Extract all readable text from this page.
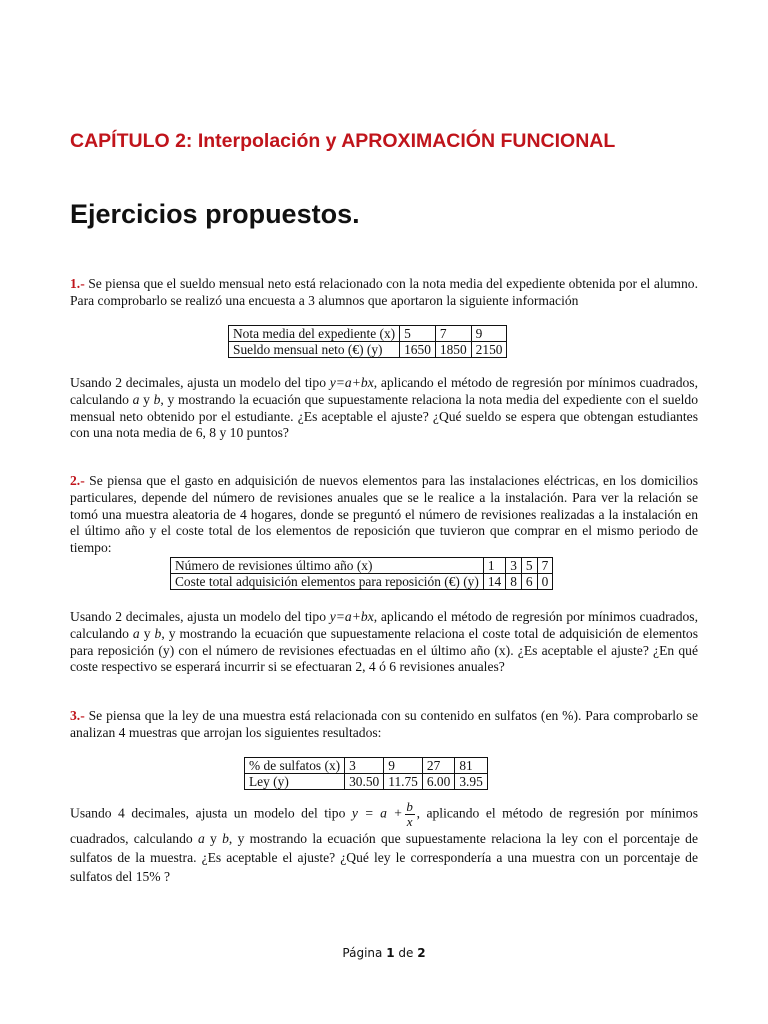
CAPÍTULO 2: Interpolación y APROXIMACIÓN FUNCIONAL
Ejercicios propuestos.

1.- Se piensa que el sueldo mensual neto está relacionado con la nota media del expediente obtenida por el alumno. Para comprobarlo se realizó una encuesta a 3 alumnos que aportaron la siguiente información

Nota media del expediente (x)	5	7	9
Sueldo mensual neto (€) (y)	1650	1850	2150

Usando 2 decimales, ajusta un modelo del tipo y=a+bx, aplicando el método de regresión por mínimos cuadrados, calculando a y b, y mostrando la ecuación que supuestamente relaciona la nota media del expediente con el sueldo mensual neto obtenido por el estudiante. ¿Es aceptable el ajuste? ¿Qué sueldo se espera que obtengan estudiantes con una nota media de 6, 8 y 10 puntos?

2.- Se piensa que el gasto en adquisición de nuevos elementos para las instalaciones eléctricas, en los domicilios particulares, depende del número de revisiones anuales que se le realice a la instalación. Para ver la relación se tomó una muestra aleatoria de 4 hogares, donde se preguntó el número de revisiones realizadas a la instalación en el último año y el coste total de los elementos de reposición que tuvieron que comprar en el mismo periodo de tiempo:

Número de revisiones último año (x)	1	3	5	7
Coste total adquisición elementos para reposición (€) (y)	14	8	6	0

Usando 2 decimales, ajusta un modelo del tipo y=a+bx, aplicando el método de regresión por mínimos cuadrados, calculando a y b, y mostrando la ecuación que supuestamente relaciona el coste total de adquisición de elementos para reposición (y) con el número de revisiones efectuadas en el último año (x). ¿Es aceptable el ajuste? ¿En qué coste respectivo se esperará incurrir si se efectuaran 2, 4 ó 6 revisiones anuales?

3.- Se piensa que la ley de una muestra está relacionada con su contenido en sulfatos (en %). Para comprobarlo se analizan 4 muestras que arrojan los siguientes resultados:

% de sulfatos (x)	3	9	27	81
Ley (y)	30.50	11.75	6.00	3.95

Usando 4 decimales, ajusta un modelo del tipo $y = a + \frac{b}{x}$ , aplicando el método de regresión por mínimos cuadrados, calculando a y b, y mostrando la ecuación que supuestamente relaciona la ley con el porcentaje de sulfatos de la muestra. ¿Es aceptable el ajuste? ¿Qué ley le correspondería a una muestra con un porcentaje de sulfatos del 15% ?

Página 1 de 2
